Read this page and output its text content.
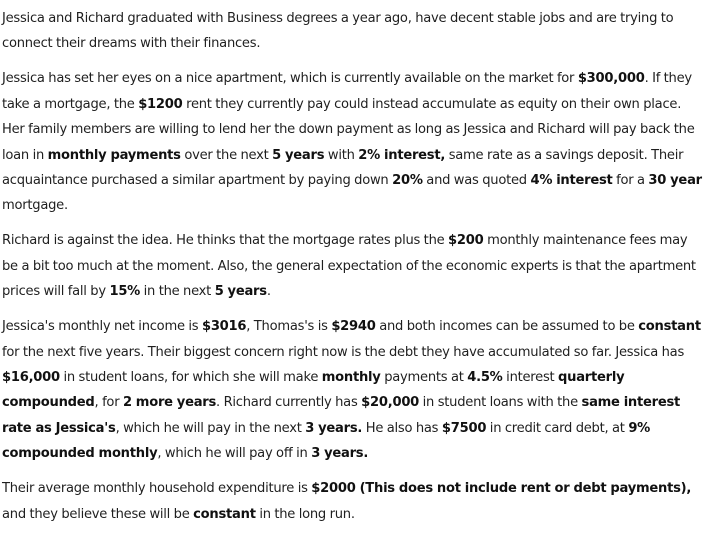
Jessica and Richard graduated with Business degrees a year ago, have decent stable jobs and are trying to connect their dreams with their finances.

Jessica has set her eyes on a nice apartment, which is currently available on the market for $300,000. If they take a mortgage, the $1200 rent they currently pay could instead accumulate as equity on their own place. Her family members are willing to lend her the down payment as long as Jessica and Richard will pay back the loan in monthly payments over the next 5 years with 2% interest, same rate as a savings deposit. Their acquaintance purchased a similar apartment by paying down 20% and was quoted 4% interest for a 30 year mortgage.

Richard is against the idea. He thinks that the mortgage rates plus the $200 monthly maintenance fees may be a bit too much at the moment. Also, the general expectation of the economic experts is that the apartment prices will fall by 15% in the next 5 years.

Jessica's monthly net income is $3016, Thomas's is $2940 and both incomes can be assumed to be constant for the next five years. Their biggest concern right now is the debt they have accumulated so far. Jessica has $16,000 in student loans, for which she will make monthly payments at 4.5% interest quarterly compounded, for 2 more years. Richard currently has $20,000 in student loans with the same interest rate as Jessica's, which he will pay in the next 3 years. He also has $7500 in credit card debt, at 9% compounded monthly, which he will pay off in 3 years.

Their average monthly household expenditure is $2000 (This does not include rent or debt payments), and they believe these will be constant in the long run.
